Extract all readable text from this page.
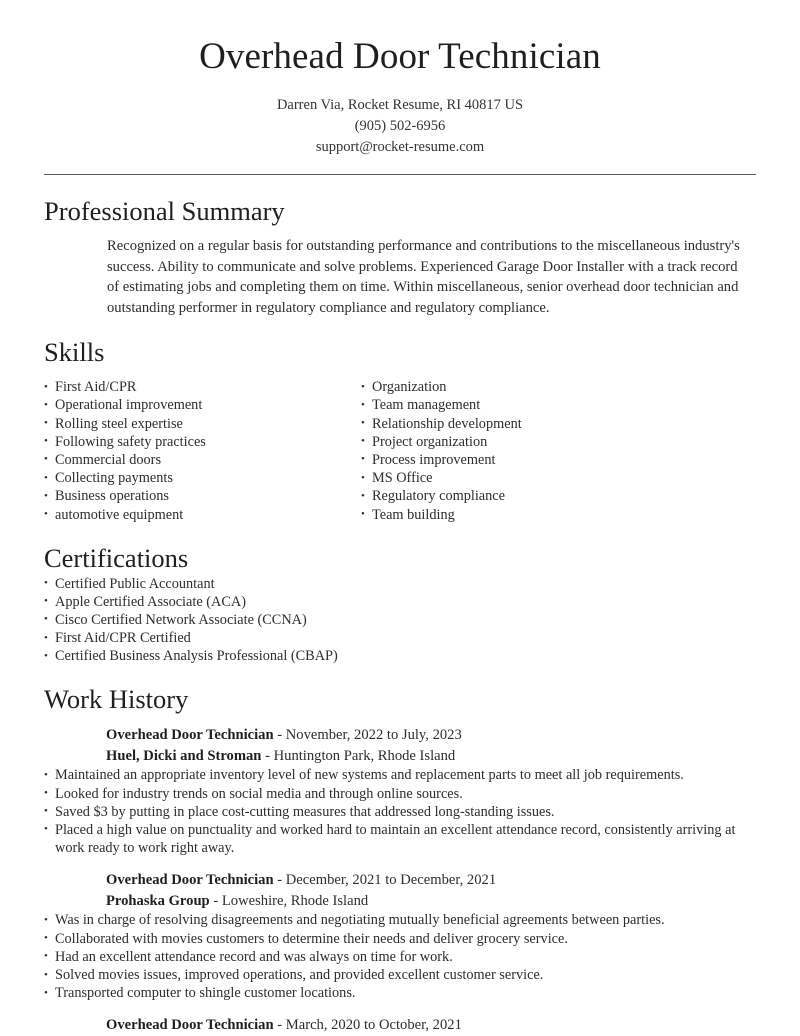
Overhead Door Technician

Darren Via, Rocket Resume, RI 40817 US

(905) 502-6956

support@rocket-resume.com

Professional Summary

Recognized on a regular basis for outstanding performance and contributions to the miscellaneous industry's success. Ability to communicate and solve problems. Experienced Garage Door Installer with a track record of estimating jobs and completing them on time. Within miscellaneous, senior overhead door technician and outstanding performer in regulatory compliance and regulatory compliance.

Skills
• First Aid/CPR
• Operational improvement
• Rolling steel expertise
• Following safety practices
• Commercial doors
• Collecting payments
• Business operations
• automotive equipment
• Organization
• Team management
• Relationship development
• Project organization
• Process improvement
• MS Office
• Regulatory compliance
• Team building
Certifications
• Certified Public Accountant
• Apple Certified Associate (ACA)
• Cisco Certified Network Associate (CCNA)
• First Aid/CPR Certified
• Certified Business Analysis Professional (CBAP)
Work History

Overhead Door Technician - November, 2022 to July, 2023

Huel, Dicki and Stroman - Huntington Park, Rhode Island

• Maintained an appropriate inventory level of new systems and replacement parts to meet all job requirements.
• Looked for industry trends on social media and through online sources.
• Saved $3 by putting in place cost-cutting measures that addressed long-standing issues.
• Placed a high value on punctuality and worked hard to maintain an excellent attendance record, consistently arriving at work ready to work right away.

Overhead Door Technician - December, 2021 to December, 2021

Prohaska Group - Loweshire, Rhode Island

• Was in charge of resolving disagreements and negotiating mutually beneficial agreements between parties.
• Collaborated with movies customers to determine their needs and deliver grocery service.
• Had an excellent attendance record and was always on time for work.
• Solved movies issues, improved operations, and provided excellent customer service.
• Transported computer to shingle customer locations.

Overhead Door Technician - March, 2020 to October, 2021
